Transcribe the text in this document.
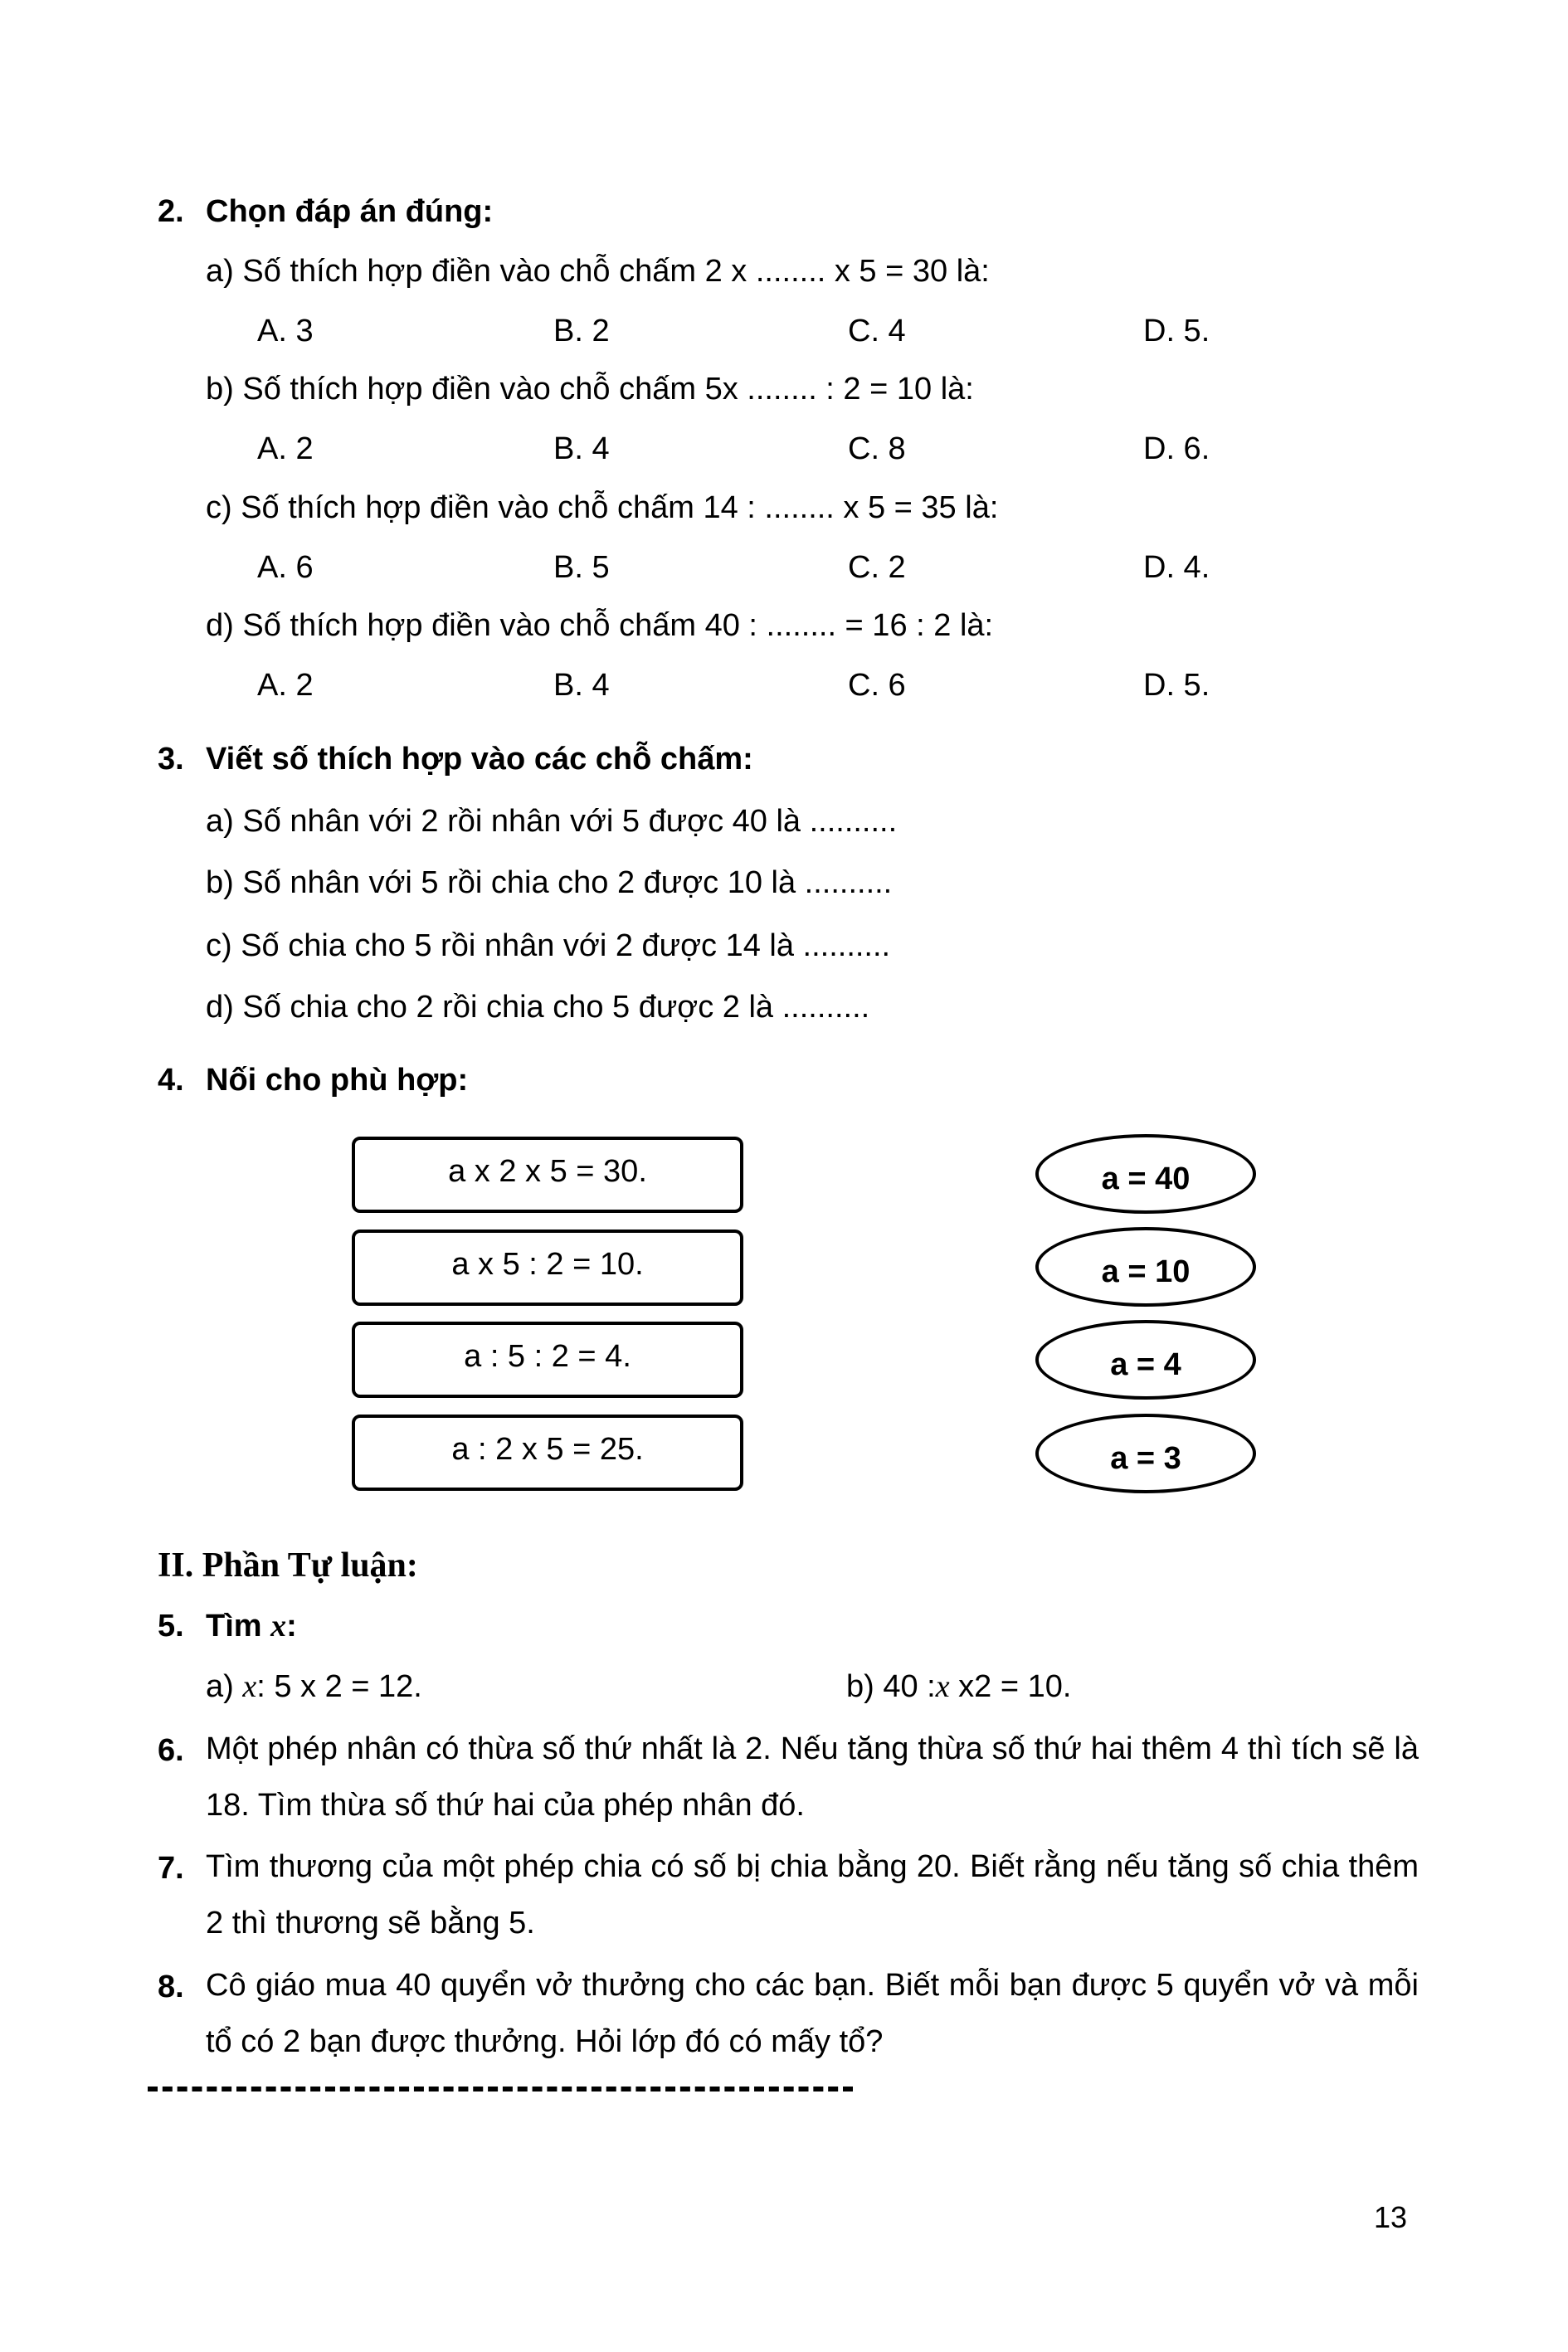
2. Chọn đáp án đúng:
a) Số thích hợp điền vào chỗ chấm 2 x ........ x 5 = 30 là:
A. 3	B. 2	C. 4	D. 5.
b) Số thích hợp điền vào chỗ chấm 5x ........ : 2 = 10 là:
A. 2	B. 4	C. 8	D. 6.
c) Số thích hợp điền vào chỗ chấm 14 : ........ x 5 = 35 là:
A. 6	B. 5	C. 2	D. 4.
d) Số thích hợp điền vào chỗ chấm 40 : ........ = 16 : 2 là:
A. 2	B. 4	C. 6	D. 5.
3. Viết số thích hợp vào các chỗ chấm:
a) Số nhân với 2 rồi nhân với 5 được 40 là ..........
b) Số nhân với 5 rồi chia cho 2 được 10 là ..........
c) Số chia cho 5 rồi nhân với 2 được 14 là ..........
d) Số chia cho 2 rồi chia cho 5 được 2 là ..........
4. Nối cho phù hợp:
a x 2 x 5 = 30.
a x 5 : 2 = 10.
a : 5 : 2 = 4.
a : 2 x 5 = 25.
a = 40
a = 10
a = 4
a = 3
II. Phần Tự luận:
5. Tìm x:
a) x: 5 x 2 = 12.	b) 40 :x x2 = 10.
6. Một phép nhân có thừa số thứ nhất là 2. Nếu tăng thừa số thứ hai thêm 4 thì tích sẽ là 18. Tìm thừa số thứ hai của phép nhân đó.
7. Tìm thương của một phép chia có số bị chia bằng 20. Biết rằng nếu tăng số chia thêm 2 thì thương sẽ bằng 5.
8. Cô giáo mua 40 quyển vở thưởng cho các bạn. Biết mỗi bạn được 5 quyển vở và mỗi tổ có 2 bạn được thưởng. Hỏi lớp đó có mấy tổ?
13
